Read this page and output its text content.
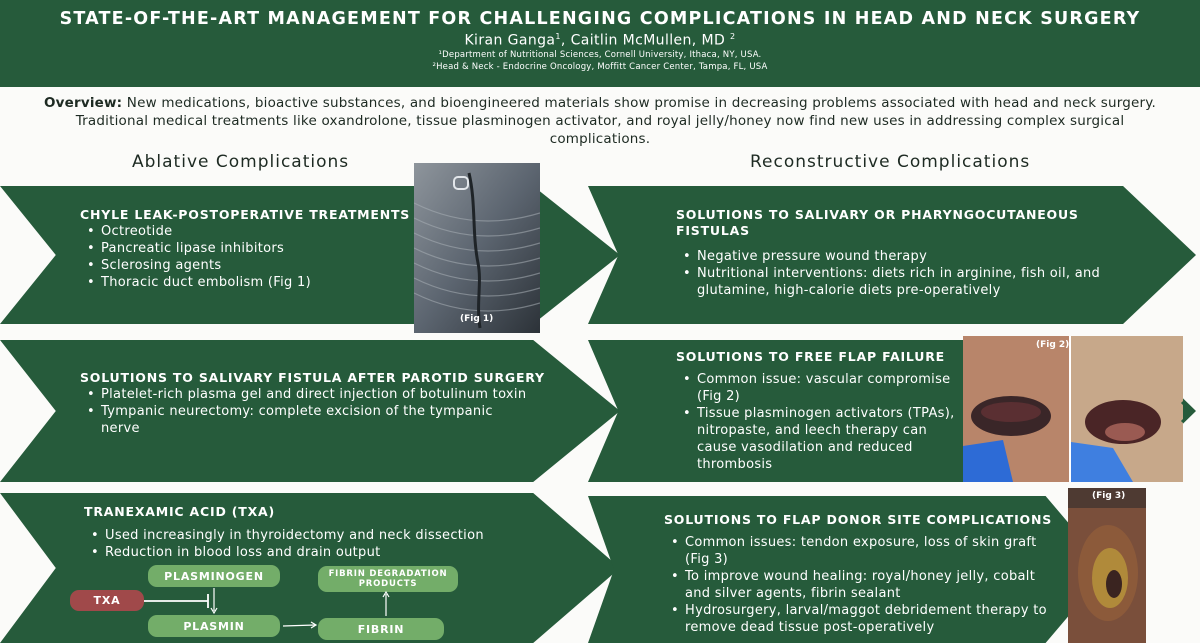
STATE-OF-THE-ART MANAGEMENT FOR CHALLENGING COMPLICATIONS IN HEAD AND NECK SURGERY
Kiran Ganga$^1$, Caitlin McMullen, MD $^2$
¹Department of Nutritional Sciences, Cornell University, Ithaca, NY, USA.
²Head & Neck - Endocrine Oncology, Moffitt Cancer Center, Tampa, FL, USA
Overview: New medications, bioactive substances, and bioengineered materials show promise in decreasing problems associated with head and neck surgery. Traditional medical treatments like oxandrolone, tissue plasminogen activator, and royal jelly/honey now find new uses in addressing complex surgical complications.
Ablative Complications	Reconstructive Complications
CHYLE LEAK-POSTOPERATIVE TREATMENTS
• Octreotide
• Pancreatic lipase inhibitors
• Sclerosing agents
• Thoracic duct embolism (Fig 1)
(Fig 1)
SOLUTIONS TO SALIVARY FISTULA AFTER PAROTID SURGERY
• Platelet-rich plasma gel and direct injection of botulinum toxin
• Tympanic neurectomy: complete excision of the tympanic nerve
TRANEXAMIC ACID (TXA)
• Used increasingly in thyroidectomy and neck dissection
• Reduction in blood loss and drain output
PLASMINOGEN
TXA
PLASMIN	FIBRIN
FIBRIN DEGRADATION PRODUCTS
SOLUTIONS TO SALIVARY OR PHARYNGOCUTANEOUS FISTULAS
• Negative pressure wound therapy
• Nutritional interventions: diets rich in arginine, fish oil, and glutamine, high-calorie diets pre-operatively
SOLUTIONS TO FREE FLAP FAILURE
• Common issue: vascular compromise (Fig 2)
• Tissue plasminogen activators (TPAs), nitropaste, and leech therapy can cause vasodilation and reduced thrombosis
(Fig 2)
SOLUTIONS TO FLAP DONOR SITE COMPLICATIONS
• Common issues: tendon exposure, loss of skin graft (Fig 3)
• To improve wound healing: royal/honey jelly, cobalt and silver agents, fibrin sealant
• Hydrosurgery, larval/maggot debridement therapy to remove dead tissue post-operatively
(Fig 3)
